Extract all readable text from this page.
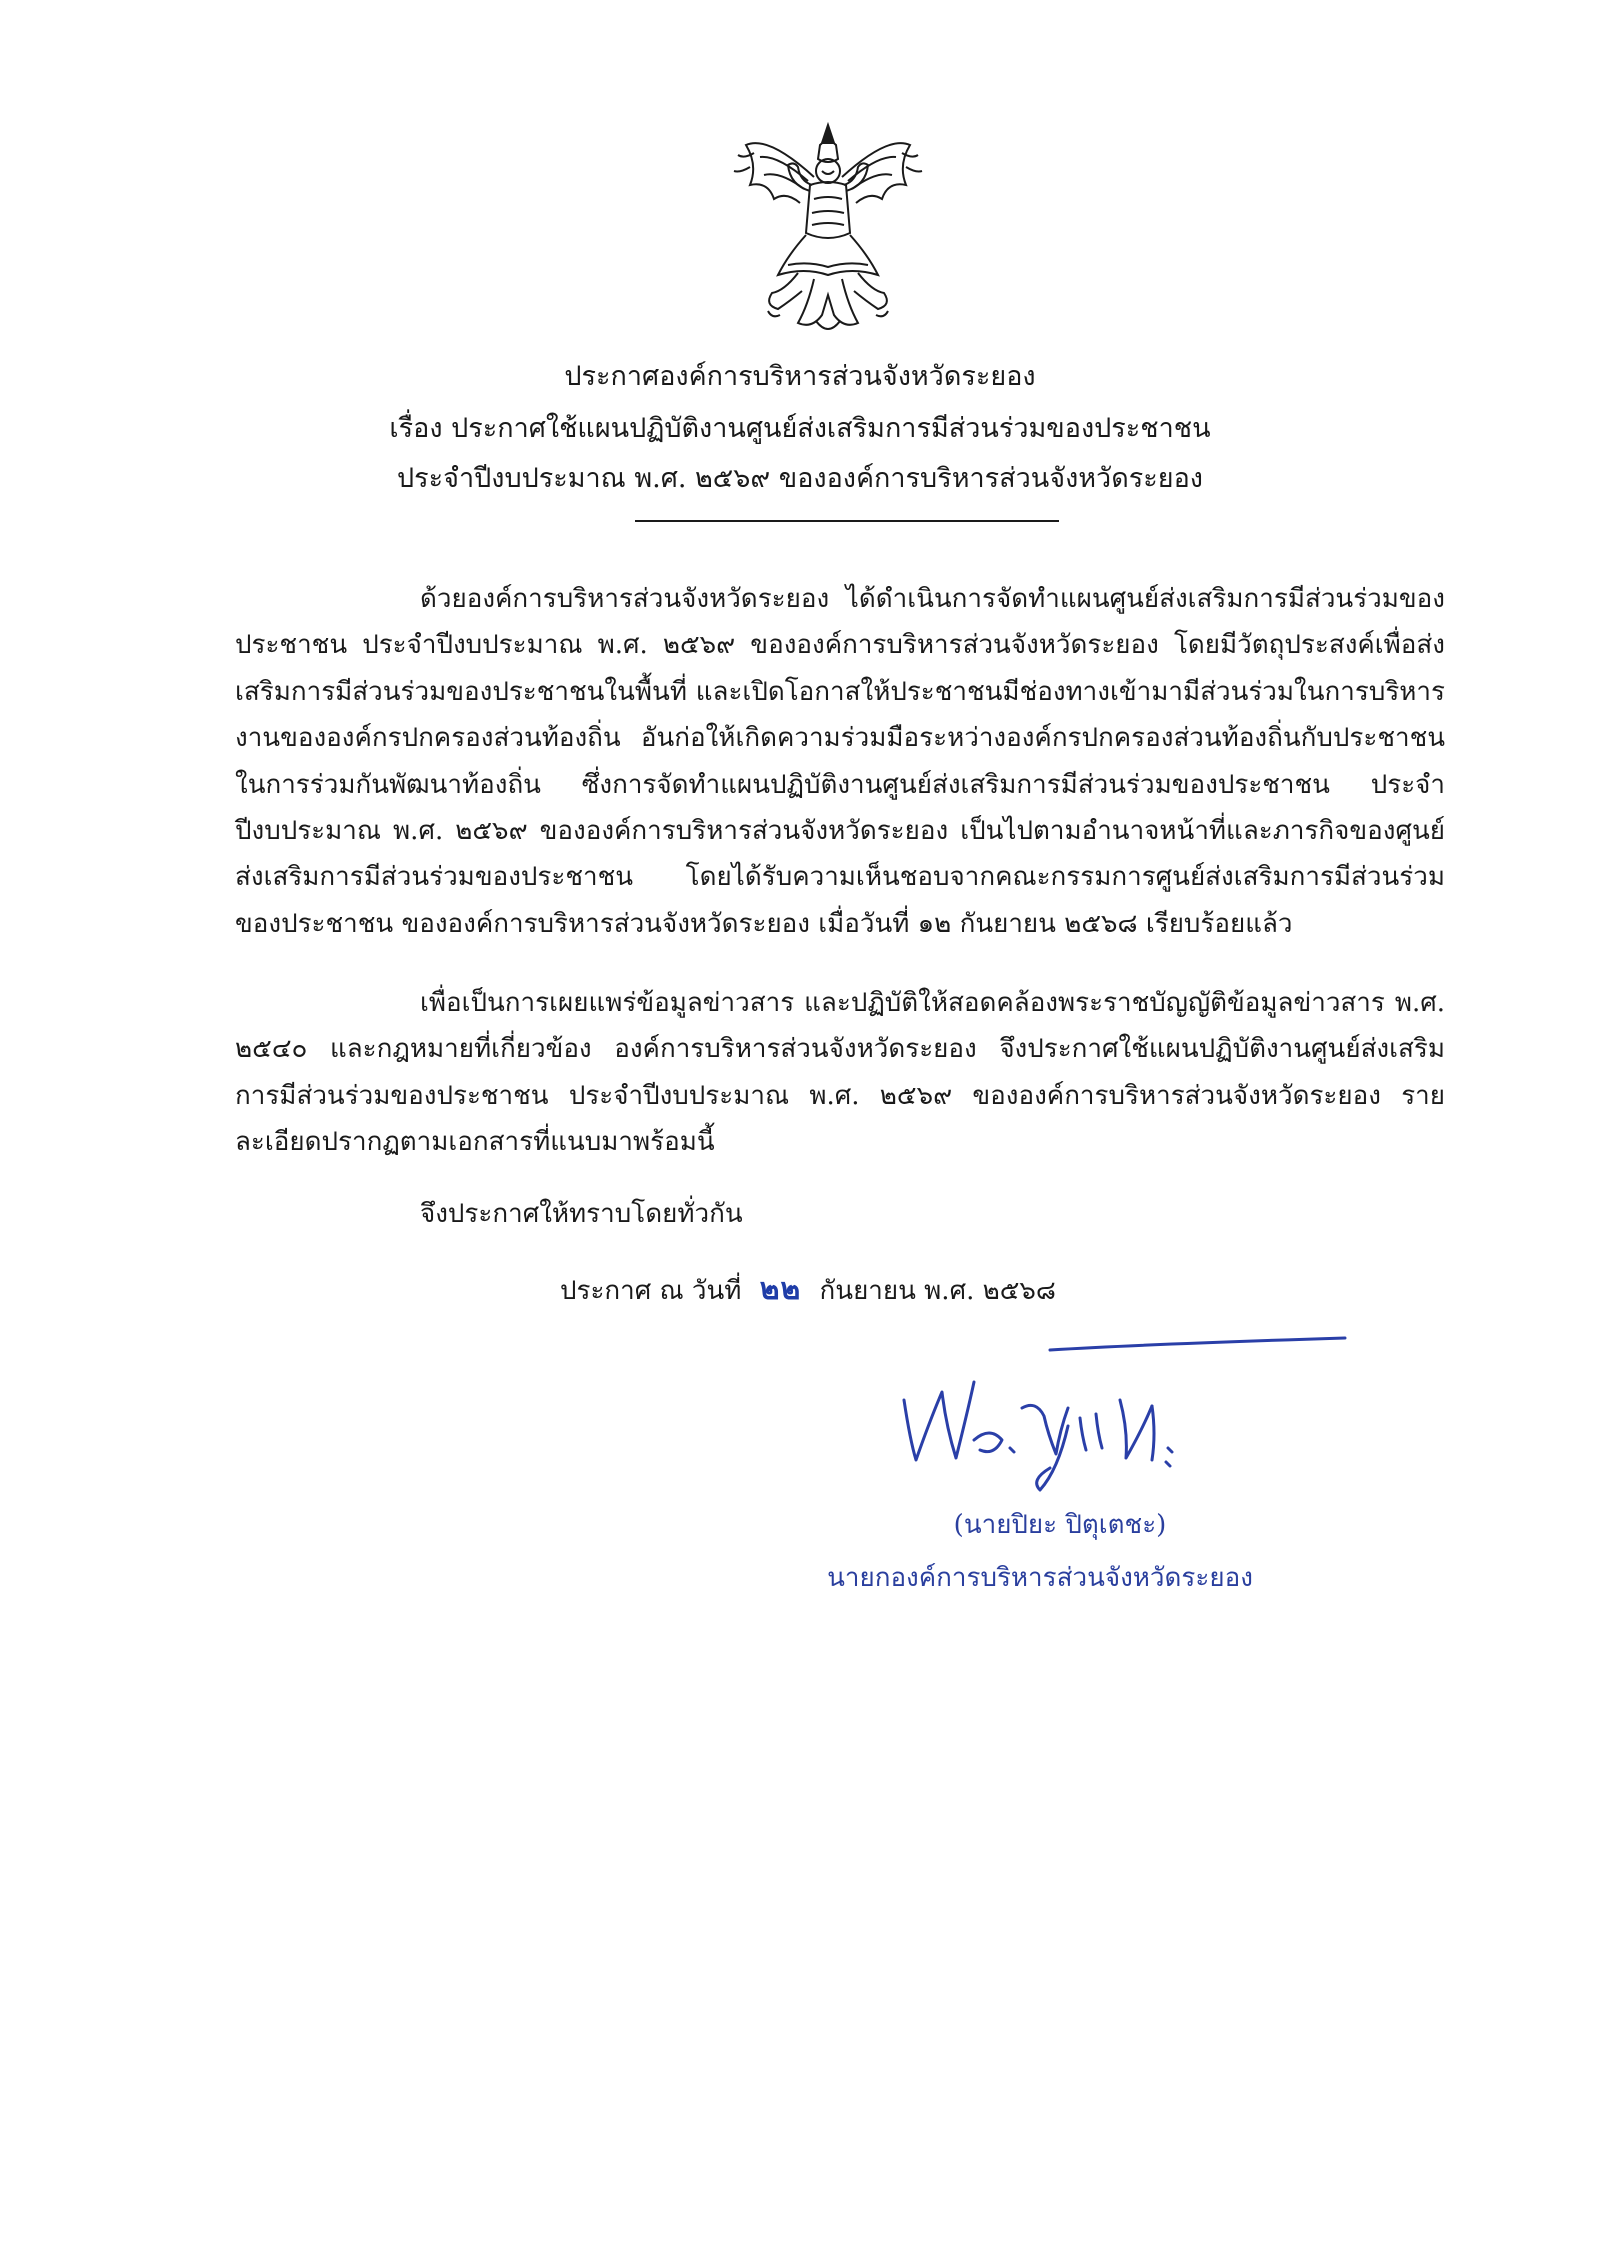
ประกาศองค์การบริหารส่วนจังหวัดระยอง
เรื่อง ประกาศใช้แผนปฏิบัติงานศูนย์ส่งเสริมการมีส่วนร่วมของประชาชน
ประจำปีงบประมาณ พ.ศ. ๒๕๖๙ ขององค์การบริหารส่วนจังหวัดระยอง
ด้วยองค์การบริหารส่วนจังหวัดระยอง ได้ดำเนินการจัดทำแผนศูนย์ส่งเสริมการมีส่วนร่วมของประชาชน ประจำปีงบประมาณ พ.ศ. ๒๕๖๙ ขององค์การบริหารส่วนจังหวัดระยอง โดยมีวัตถุประสงค์เพื่อส่งเสริมการมีส่วนร่วมของประชาชนในพื้นที่ และเปิดโอกาสให้ประชาชนมีช่องทางเข้ามามีส่วนร่วมในการบริหารงานขององค์กรปกครองส่วนท้องถิ่น อันก่อให้เกิดความร่วมมือระหว่างองค์กรปกครองส่วนท้องถิ่นกับประชาชนในการร่วมกันพัฒนาท้องถิ่น ซึ่งการจัดทำแผนปฏิบัติงานศูนย์ส่งเสริมการมีส่วนร่วมของประชาชน ประจำปีงบประมาณ พ.ศ. ๒๕๖๙ ขององค์การบริหารส่วนจังหวัดระยอง เป็นไปตามอำนาจหน้าที่และภารกิจของศูนย์ส่งเสริมการมีส่วนร่วมของประชาชน โดยได้รับความเห็นชอบจากคณะกรรมการศูนย์ส่งเสริมการมีส่วนร่วมของประชาชน ขององค์การบริหารส่วนจังหวัดระยอง เมื่อวันที่ ๑๒ กันยายน ๒๕๖๘ เรียบร้อยแล้ว
เพื่อเป็นการเผยแพร่ข้อมูลข่าวสาร และปฏิบัติให้สอดคล้องพระราชบัญญัติข้อมูลข่าวสาร พ.ศ. ๒๕๔๐ และกฎหมายที่เกี่ยวข้อง องค์การบริหารส่วนจังหวัดระยอง จึงประกาศใช้แผนปฏิบัติงานศูนย์ส่งเสริมการมีส่วนร่วมของประชาชน ประจำปีงบประมาณ พ.ศ. ๒๕๖๙ ขององค์การบริหารส่วนจังหวัดระยอง รายละเอียดปรากฏตามเอกสารที่แนบมาพร้อมนี้
จึงประกาศให้ทราบโดยทั่วกัน
ประกาศ ณ วันที่ ๒๒ กันยายน พ.ศ. ๒๕๖๘
(นายปิยะ ปิตุเตชะ)
นายกองค์การบริหารส่วนจังหวัดระยอง
